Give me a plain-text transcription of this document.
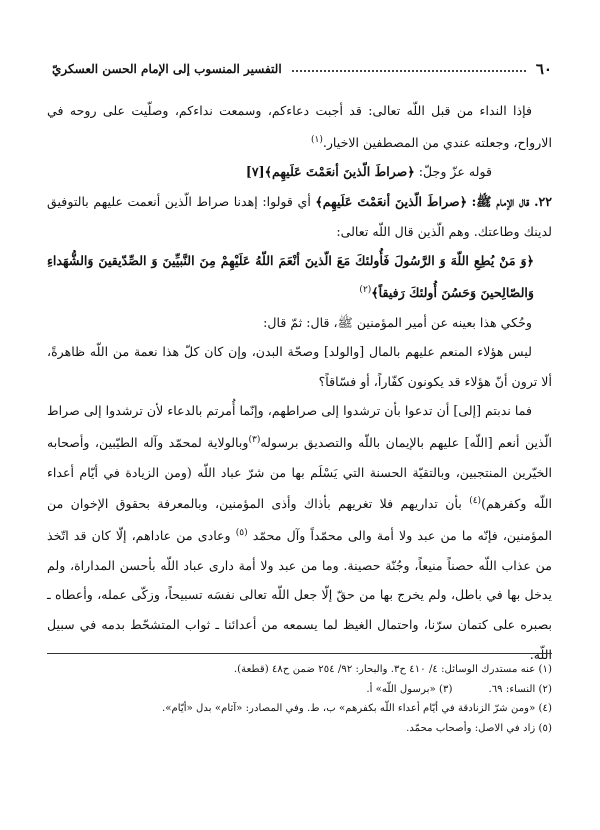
٦٠
التفسير المنسوب إلى الإمام الحسن العسكريّ

فإذا النداء من قبل اللّه تعالى: قد أجبت دعاءكم، وسمعت نداءكم، وصلّيت على روحه في الارواح، وجعلته عندي من المصطفين الاخيار.$^{(١)}$

قوله عزّ وجلّ: ﴿صراطَ الّذينَ أنعَمْتَ عَلَيهِم﴾[٧]

٢٢. قال الإمام ﷺ: ﴿صراطَ الّذينَ أنعَمْتَ عَلَيهِم﴾ أي قولوا: إهدنا صراط الّذين أنعمت عليهم بالتوفيق لدينك وطاعتك. وهم الّذين قال اللّه تعالى:

﴿وَ مَنْ يُطِعِ اللّهَ وَ الرَّسُولَ فَأُولئكَ مَعَ الّذينَ أنْعَمَ اللّهُ عَلَيْهِمْ مِنَ النَّبيِّينَ وَ الصِّدّيقينَ وَالشُّهَداءِ وَالصّالِحينَ وَحَسُنَ أُولئكَ رَفيقاً﴾$^{(٢)}$

وحُكي هذا بعينه عن أمير المؤمنين ﷺ، قال: ثمّ قال:

ليس هؤلاء المنعم عليهم بالمال [والولد] وصحّة البدن، وإن كان كلّ هذا نعمة من اللّه ظاهرةً، ألا ترون أنّ هؤلاء قد يكونون كفّاراً، أو فسّاقاً؟

فما ندبتم [إلى] أن تدعوا بأن ترشدوا إلى صراطهم، وإنّما أُمرتم بالدعاء لأن ترشدوا إلى صراط الّذين أنعم [اللّه] عليهم بالإيمان باللّه والتصديق برسوله$^{(٣)}$وبالولاية لمحمّد وآله الطيّبين، وأصحابه الخيّرين المنتجبين، وبالتقيّة الحسنة التي يَسْلَم بها من شرّ عباد اللّه (ومن الزيادة في أيّام أعداء اللّه وكفرهم)$^{(٤)}$ بأن تداريهم فلا تغريهم بأذاك وأذى المؤمنين، وبالمعرفة بحقوق الإخوان من المؤمنين، فإنّه ما من عبد ولا أمة والى محمّداً وآل محمّد $^{(٥)}$ وعادى من عاداهم، إلّا كان قد اتّخذ من عذاب اللّه حصناً منيعاً، وجُنّة حصينة. وما من عبد ولا أمة دارى عباد اللّه بأحسن المداراة، ولم يدخل بها في باطل، ولم يخرج بها من حقّ إلّا جعل اللّه تعالى نفسَه تسبيحاً، وزكّى عمله، وأعطاه ـ بصبره على كتمان سرّنا، واحتمال الغيظ لما يسمعه من أعدائنا ـ ثواب المتشحّط بدمه في سبيل اللّه.

(١) عنه مستدرك الوسائل: ٤/ ٤١٠ ح٣. والبحار: ٩٢/ ٢٥٤ ضمن ح٤٨ (قطعة).
(٢) النساء: ٦٩.
(٣) «برسول اللّه» أ.
(٤) «ومن شرّ الزنادقة في أيّام أعداء اللّه بكفرهم» ب، ط. وفي المصادر: «آثام» بدل «أيّام».
(٥) زاد في الاصل: وأصحاب محمّد.
